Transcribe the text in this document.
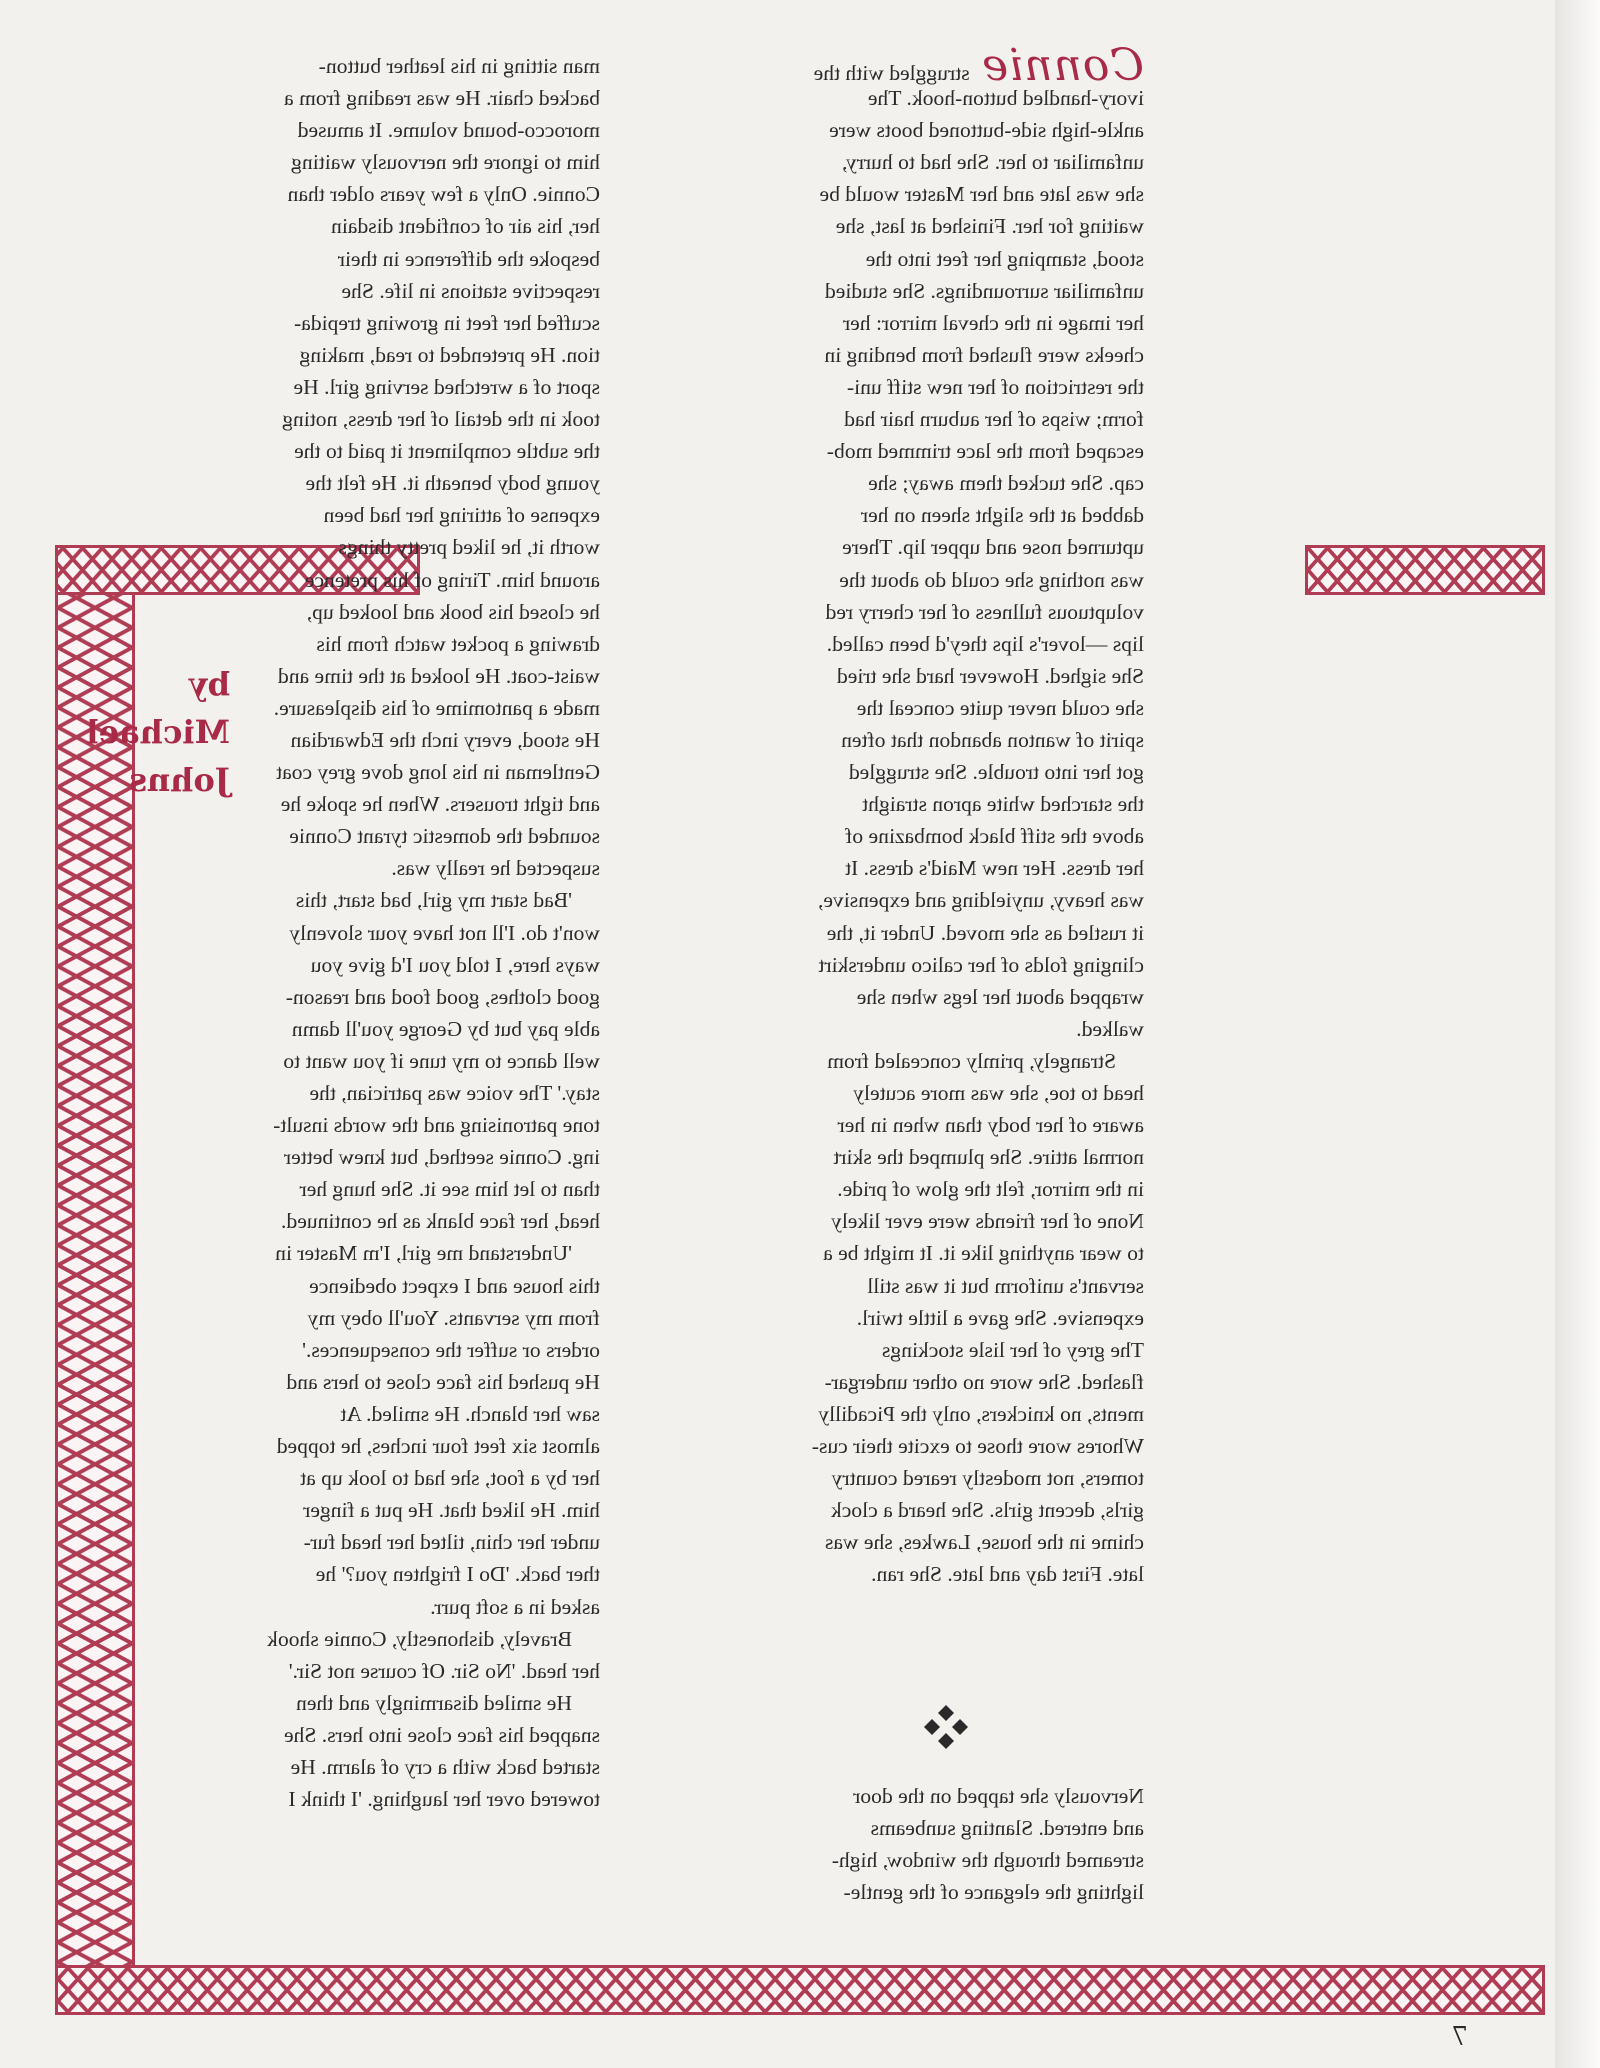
Connie struggled with the
ivory-handled button-hook. The
ankle-high side-buttoned boots were
unfamiliar to her. She had to hurry,
she was late and her Master would be
waiting for her. Finished at last, she
stood, stamping her feet into the
unfamiliar surroundings. She studied
her image in the cheval mirror: her
cheeks were flushed from bending in
the restriction of her new stiff uni-
form; wisps of her auburn hair had
escaped from the lace trimmed mob-
cap. She tucked them away; she
dabbed at the slight sheen on her
upturned nose and upper lip. There
was nothing she could do about the
voluptuous fullness of her cherry red
lips —lover's lips they'd been called.
She sighed. However hard she tried
she could never quite conceal the
spirit of wanton abandon that often
got her into trouble. She struggled
the starched white apron straight
above the stiff black bombazine of
her dress. Her new Maid's dress. It
was heavy, unyielding and expensive,
it rustled as she moved. Under it, the
clinging folds of her calico underskirt
wrapped about her legs when she
walked.
Strangely, primly concealed from
head to toe, she was more acutely
aware of her body than when in her
normal attire. She plumped the skirt
in the mirror, felt the glow of pride.
None of her friends were ever likely
to wear anything like it. It might be a
servant's uniform but it was still
expensive. She gave a little twirl.
The grey of her lisle stockings
flashed. She wore no other undergar-
ments, no knickers, only the Picadilly
Whores wore those to excite their cus-
tomers, not modestly reared country
girls, decent girls. She heard a clock
chime in the house, Lawkes, she was
late. First day and late. She ran.
Nervously she tapped on the door
and entered. Slanting sunbeams
streamed through the window, high-
lighting the elegance of the gentle-
man sitting in his leather button-
backed chair. He was reading from a
morocco-bound volume. It amused
him to ignore the nervously waiting
Connie. Only a few years older than
her, his air of confident disdain
bespoke the difference in their
respective stations in life. She
scuffed her feet in growing trepida-
tion. He pretended to read, making
sport of a wretched serving girl. He
took in the detail of her dress, noting
the subtle compliment it paid to the
young body beneath it. He felt the
expense of attiring her had been
worth it, he liked pretty things
around him. Tiring of his pretence
he closed his book and looked up,
drawing a pocket watch from his
waist-coat. He looked at the time and
made a pantomime of his displeasure.
He stood, every inch the Edwardian
Gentleman in his long dove grey coat
and tight trousers. When he spoke he
sounded the domestic tyrant Connie
suspected he really was.
'Bad start my girl, bad start, this
won't do. I'll not have your slovenly
ways here, I told you I'd give you
good clothes, good food and reason-
able pay but by George you'll damn
well dance to my tune if you want to
stay.' The voice was patrician, the
tone patronising and the words insult-
ing. Connie seethed, but knew better
than to let him see it. She hung her
head, her face blank as he continued.
'Understand me girl, I'm Master in
this house and I expect obedience
from my servants. You'll obey my
orders or suffer the consequences.'
He pushed his face close to hers and
saw her blanch. He smiled. At
almost six feet four inches, he topped
her by a foot, she had to look up at
him. He liked that. He put a finger
under her chin, tilted her head fur-
ther back. 'Do I frighten you?' he
asked in a soft purr.
Bravely, dishonestly, Connie shook
her head. 'No Sir. Of course not Sir.'
He smiled disarmingly and then
snapped his face close into hers. She
started back with a cry of alarm. He
towered over her laughing. 'I think I
by
Michael
Johns
7
